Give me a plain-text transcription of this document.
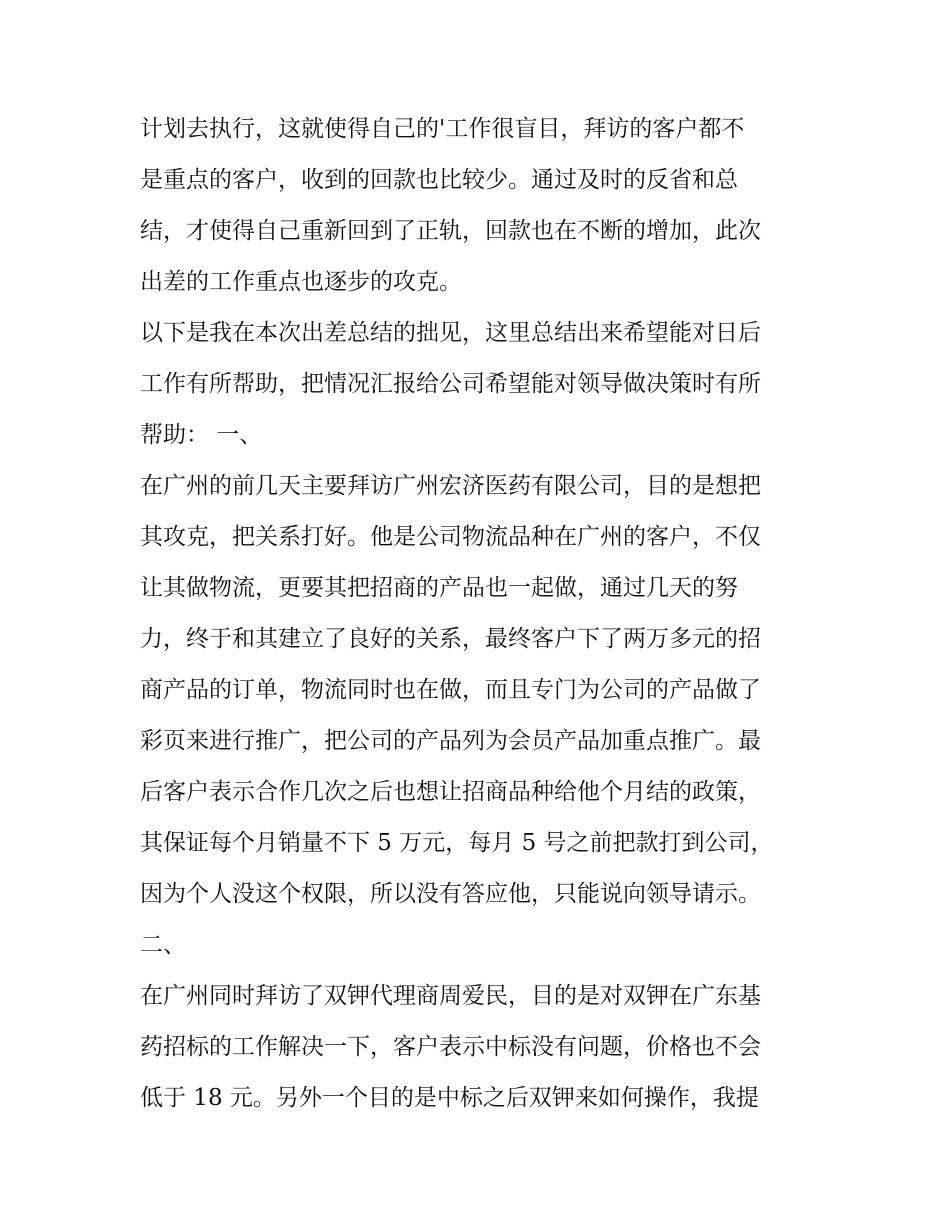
计划去执行，这就使得自己的'工作很盲目，拜访的客户都不
是重点的客户，收到的回款也比较少。通过及时的反省和总
结，才使得自己重新回到了正轨，回款也在不断的增加，此次
出差的工作重点也逐步的攻克。
以下是我在本次出差总结的拙见，这里总结出来希望能对日后
工作有所帮助，把情况汇报给公司希望能对领导做决策时有所
帮助： 一、
在广州的前几天主要拜访广州宏济医药有限公司，目的是想把
其攻克，把关系打好。他是公司物流品种在广州的客户，不仅
让其做物流，更要其把招商的产品也一起做，通过几天的努
力，终于和其建立了良好的关系，最终客户下了两万多元的招
商产品的订单，物流同时也在做，而且专门为公司的产品做了
彩页来进行推广，把公司的产品列为会员产品加重点推广。最
后客户表示合作几次之后也想让招商品种给他个月结的政策，
其保证每个月销量不下 5 万元，每月 5 号之前把款打到公司，
因为个人没这个权限，所以没有答应他，只能说向领导请示。
二、
在广州同时拜访了双钾代理商周爱民，目的是对双钾在广东基
药招标的工作解决一下，客户表示中标没有问题，价格也不会
低于 18 元。另外一个目的是中标之后双钾来如何操作，我提
